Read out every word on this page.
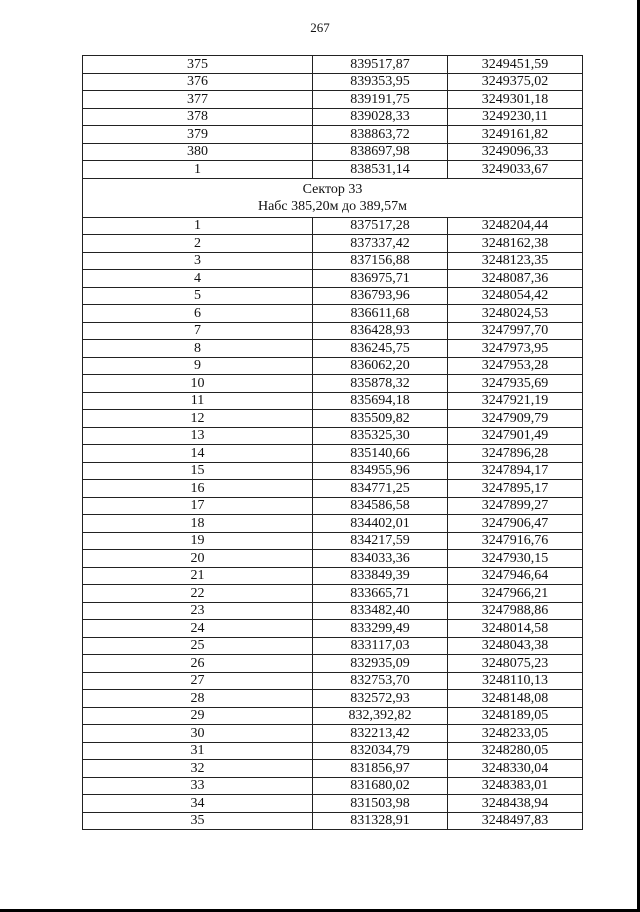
267
375	839517,87	3249451,59
376	839353,95	3249375,02
377	839191,75	3249301,18
378	839028,33	3249230,11
379	838863,72	3249161,82
380	838697,98	3249096,33
1	838531,14	3249033,67

Сектор 33
Набс 385,20м до 389,57м		

1	837517,28	3248204,44
2	837337,42	3248162,38
3	837156,88	3248123,35
4	836975,71	3248087,36
5	836793,96	3248054,42
6	836611,68	3248024,53
7	836428,93	3247997,70
8	836245,75	3247973,95
9	836062,20	3247953,28
10	835878,32	3247935,69
11	835694,18	3247921,19
12	835509,82	3247909,79
13	835325,30	3247901,49
14	835140,66	3247896,28
15	834955,96	3247894,17
16	834771,25	3247895,17
17	834586,58	3247899,27
18	834402,01	3247906,47
19	834217,59	3247916,76
20	834033,36	3247930,15
21	833849,39	3247946,64
22	833665,71	3247966,21
23	833482,40	3247988,86
24	833299,49	3248014,58
25	833117,03	3248043,38
26	832935,09	3248075,23
27	832753,70	3248110,13
28	832572,93	3248148,08
29	832,392,82	3248189,05
30	832213,42	3248233,05
31	832034,79	3248280,05
32	831856,97	3248330,04
33	831680,02	3248383,01
34	831503,98	3248438,94
35	831328,91	3248497,83
